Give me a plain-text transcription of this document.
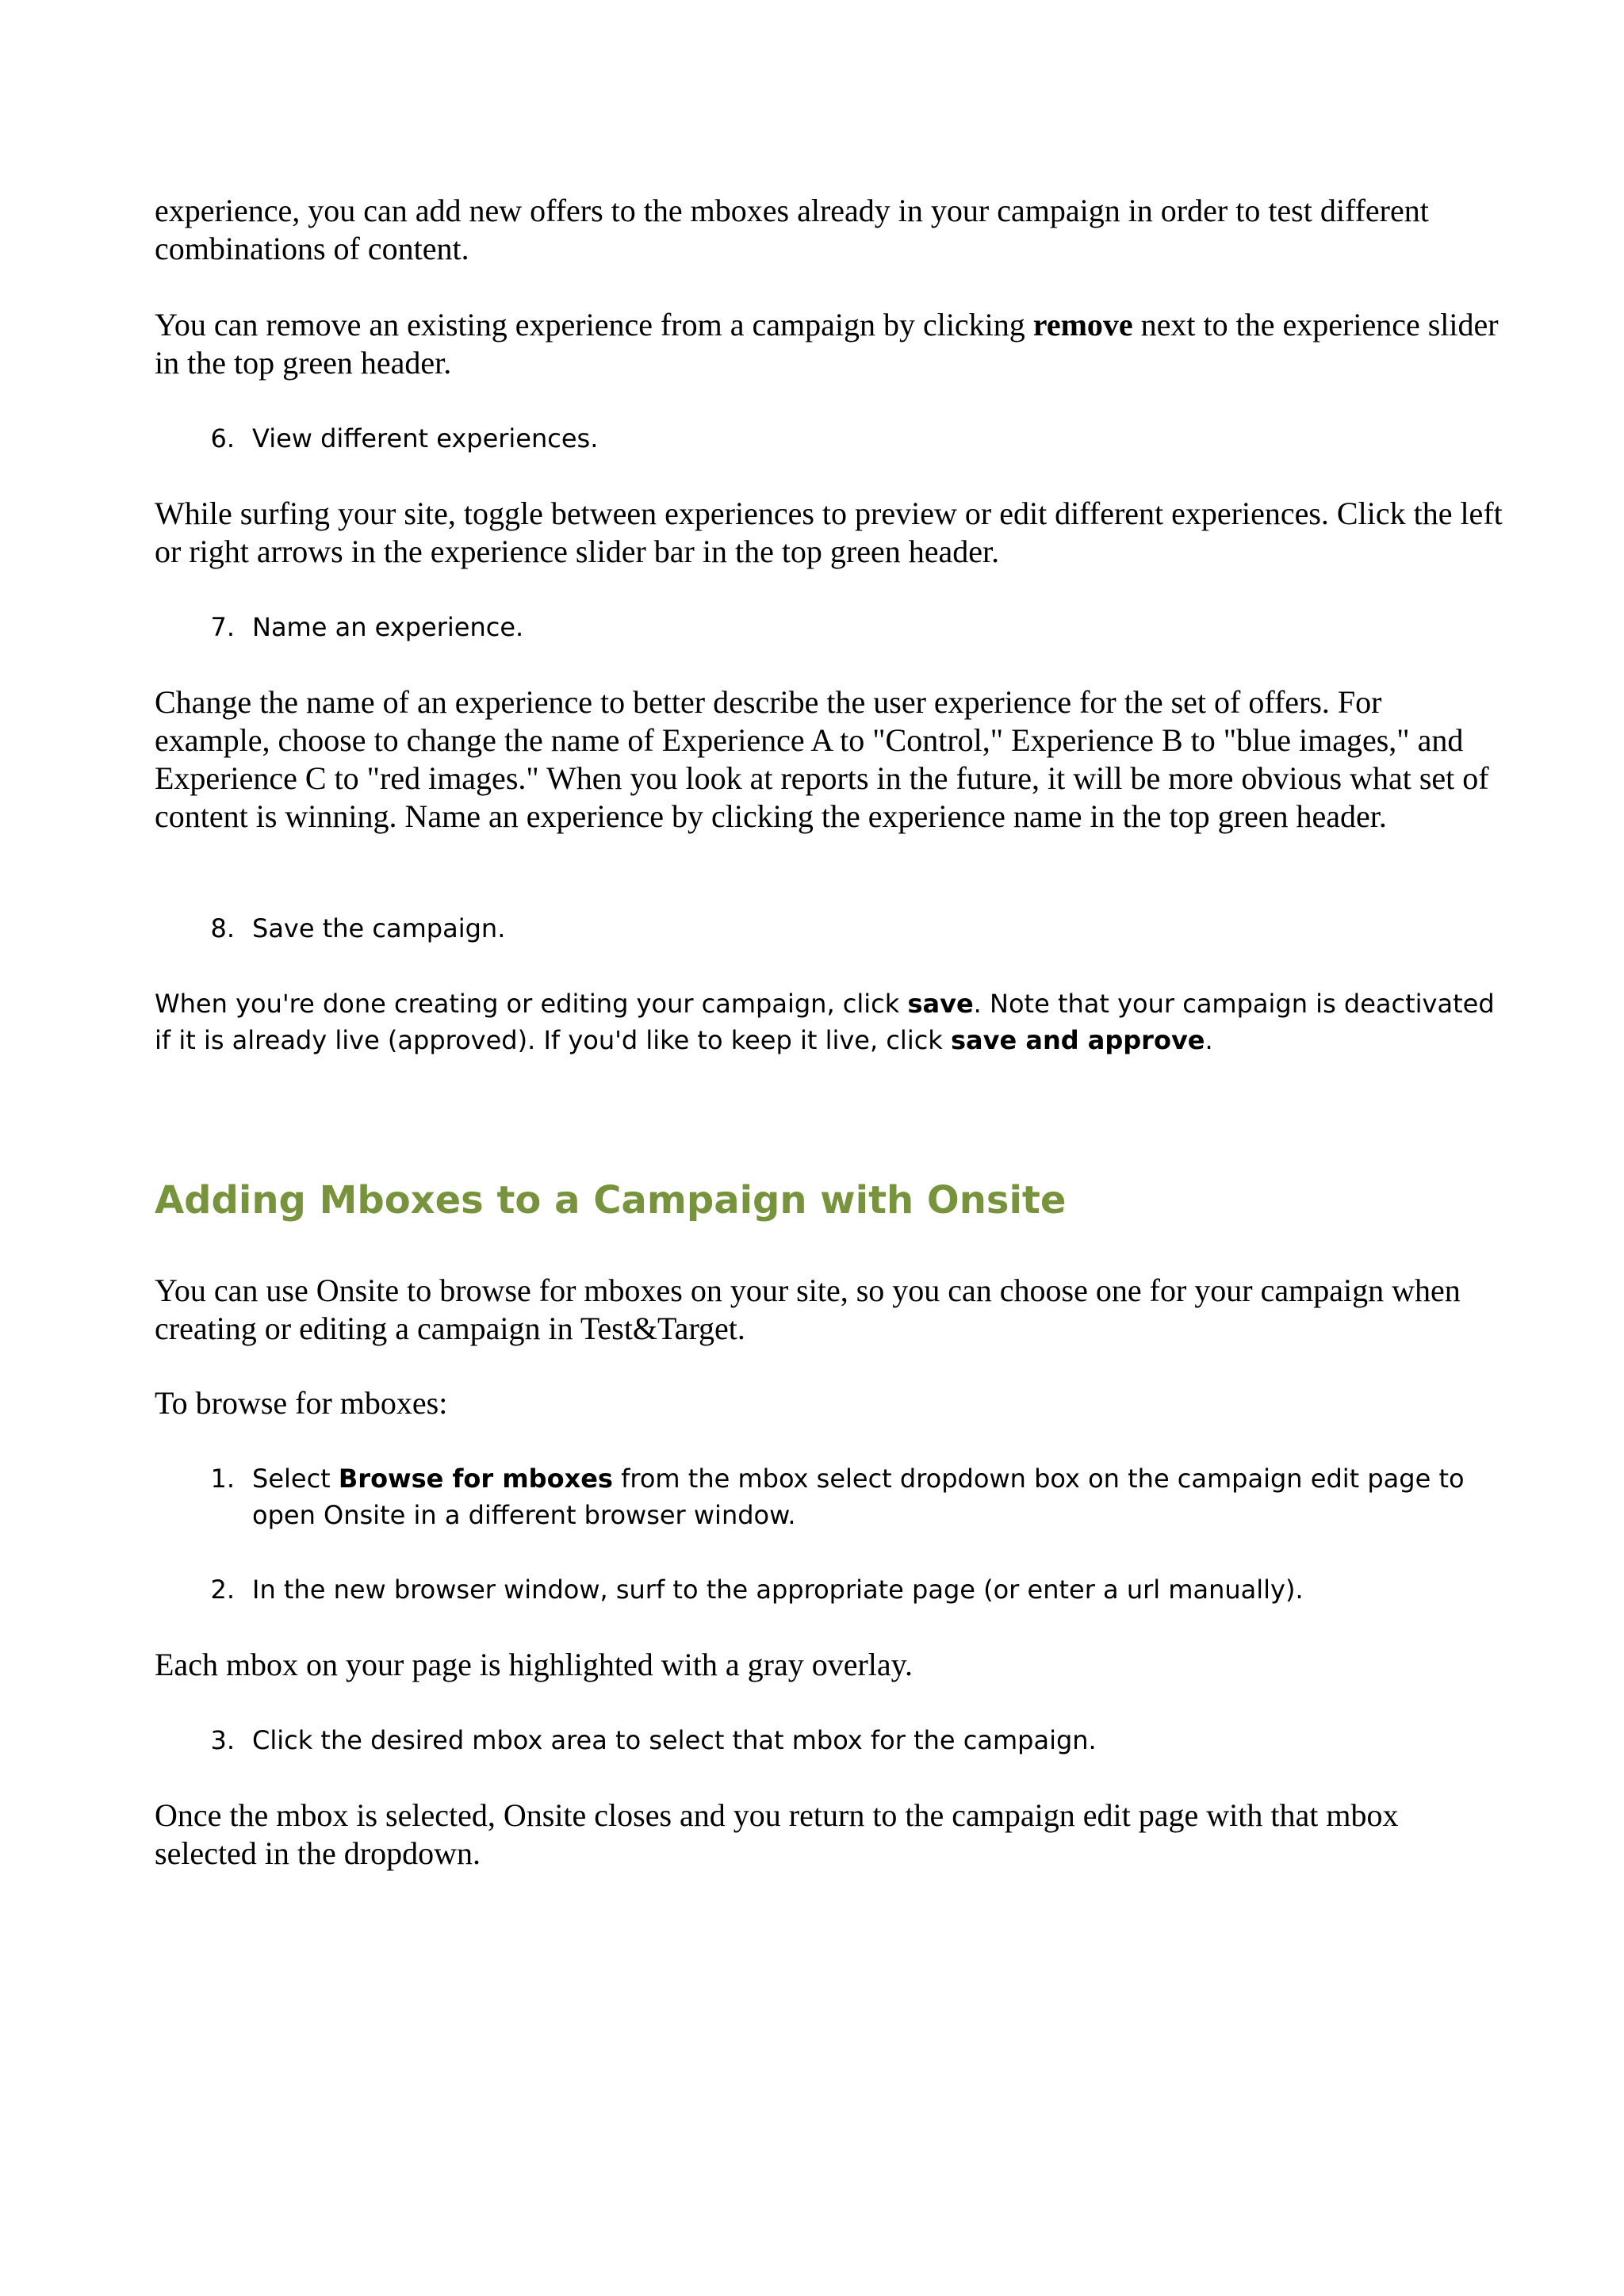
experience, you can add new offers to the mboxes already in your campaign in order to test different combinations of content.

You can remove an existing experience from a campaign by clicking remove next to the experience slider in the top green header.

6. View different experiences.

While surfing your site, toggle between experiences to preview or edit different experiences. Click the left or right arrows in the experience slider bar in the top green header.

7. Name an experience.

Change the name of an experience to better describe the user experience for the set of offers. For example, choose to change the name of Experience A to "Control," Experience B to "blue images," and Experience C to "red images." When you look at reports in the future, it will be more obvious what set of content is winning. Name an experience by clicking the experience name in the top green header.

8. Save the campaign.

When you're done creating or editing your campaign, click save. Note that your campaign is deactivated if it is already live (approved). If you'd like to keep it live, click save and approve.

Adding Mboxes to a Campaign with Onsite

You can use Onsite to browse for mboxes on your site, so you can choose one for your campaign when creating or editing a campaign in Test&Target.

To browse for mboxes:

1. Select Browse for mboxes from the mbox select dropdown box on the campaign edit page to open Onsite in a different browser window.

2. In the new browser window, surf to the appropriate page (or enter a url manually).

Each mbox on your page is highlighted with a gray overlay.

3. Click the desired mbox area to select that mbox for the campaign.

Once the mbox is selected, Onsite closes and you return to the campaign edit page with that mbox selected in the dropdown.
